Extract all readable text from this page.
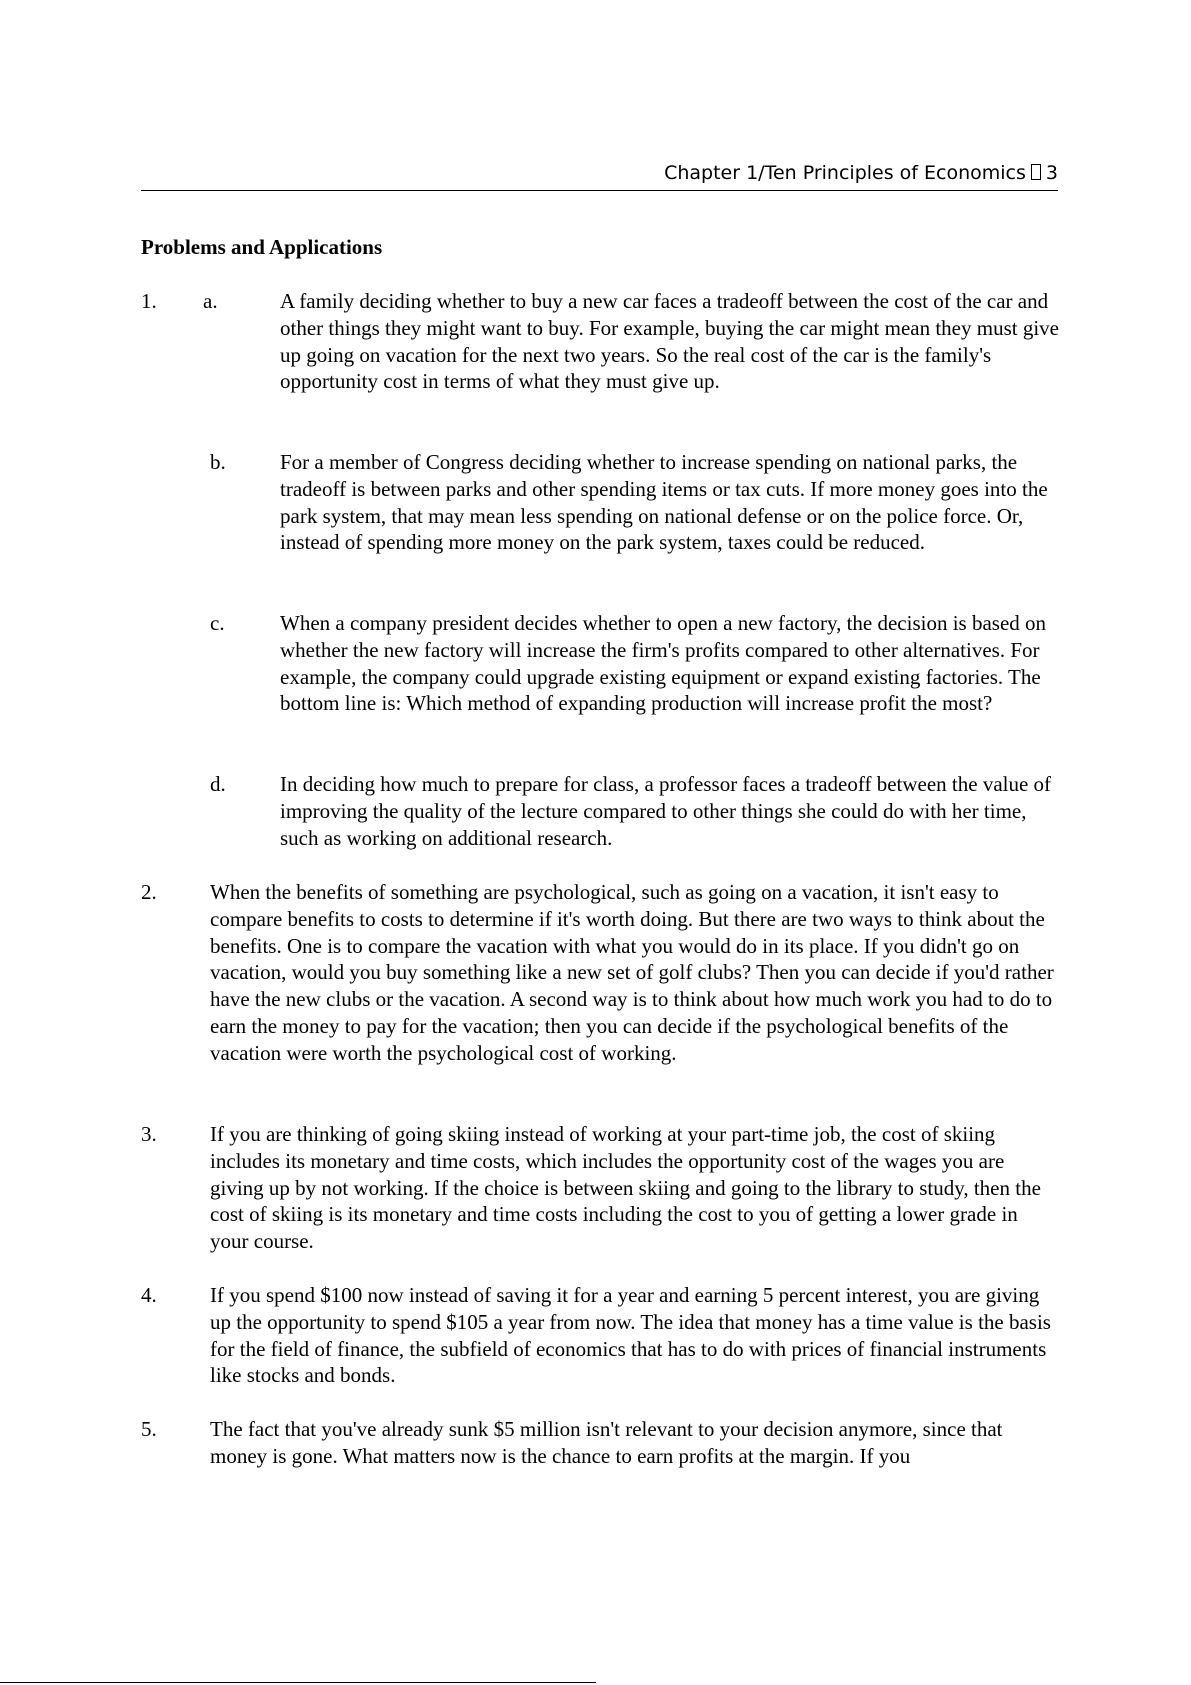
Chapter 1/Ten Principles of Economics 3
Problems and Applications
1. a.	A family deciding whether to buy a new car faces a tradeoff between the cost of the car and other things they might want to buy. For example, buying the car might mean they must give up going on vacation for the next two years. So the real cost of the car is the family's opportunity cost in terms of what they must give up.
b.	For a member of Congress deciding whether to increase spending on national parks, the tradeoff is between parks and other spending items or tax cuts. If more money goes into the park system, that may mean less spending on national defense or on the police force. Or, instead of spending more money on the park system, taxes could be reduced.
c.	When a company president decides whether to open a new factory, the decision is based on whether the new factory will increase the firm's profits compared to other alternatives. For example, the company could upgrade existing equipment or expand existing factories. The bottom line is: Which method of expanding production will increase profit the most?
d.	In deciding how much to prepare for class, a professor faces a tradeoff between the value of improving the quality of the lecture compared to other things she could do with her time, such as working on additional research.
2.	When the benefits of something are psychological, such as going on a vacation, it isn't easy to compare benefits to costs to determine if it's worth doing. But there are two ways to think about the benefits. One is to compare the vacation with what you would do in its place. If you didn't go on vacation, would you buy something like a new set of golf clubs? Then you can decide if you'd rather have the new clubs or the vacation. A second way is to think about how much work you had to do to earn the money to pay for the vacation; then you can decide if the psychological benefits of the vacation were worth the psychological cost of working.
3.	If you are thinking of going skiing instead of working at your part-time job, the cost of skiing includes its monetary and time costs, which includes the opportunity cost of the wages you are giving up by not working. If the choice is between skiing and going to the library to study, then the cost of skiing is its monetary and time costs including the cost to you of getting a lower grade in your course.
4.	If you spend $100 now instead of saving it for a year and earning 5 percent interest, you are giving up the opportunity to spend $105 a year from now. The idea that money has a time value is the basis for the field of finance, the subfield of economics that has to do with prices of financial instruments like stocks and bonds.
5.	The fact that you've already sunk $5 million isn't relevant to your decision anymore, since that money is gone. What matters now is the chance to earn profits at the margin. If you
